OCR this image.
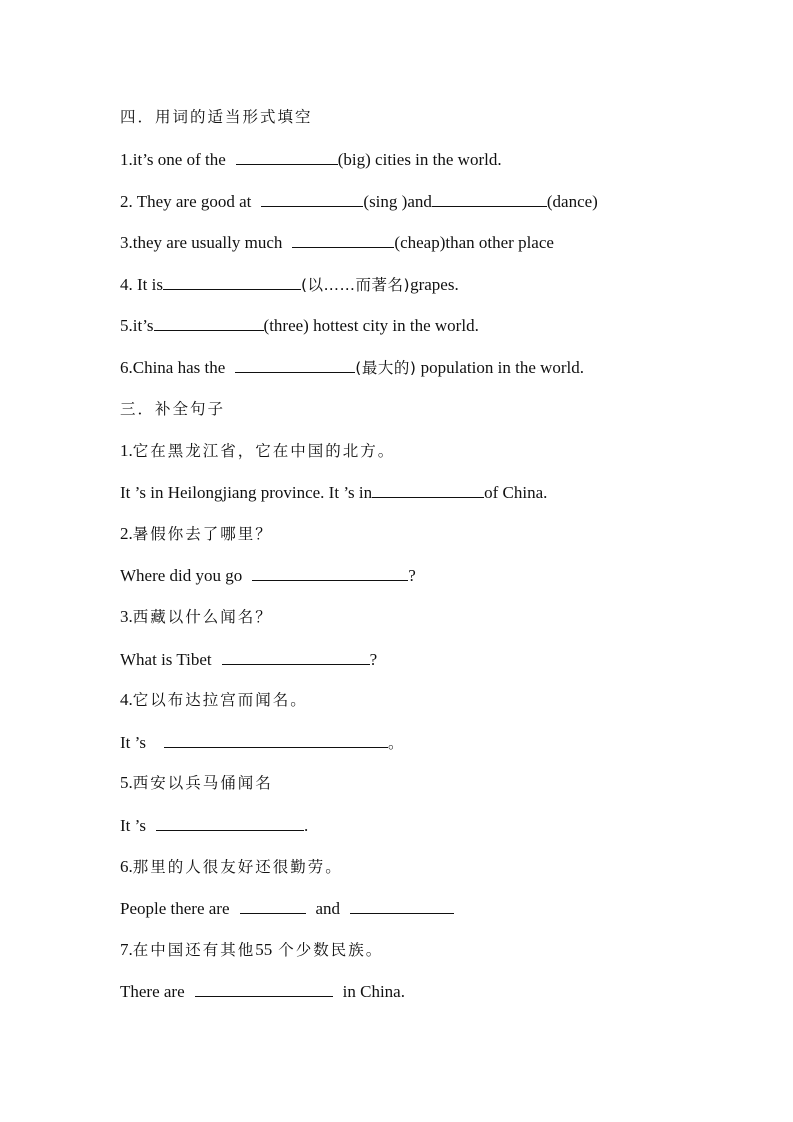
四．用词的适当形式填空
1.it’s one of the	(big) cities in the world.
2. They are good at	(sing )and	(dance)
3.they are usually much	(cheap)than other place
4. It is	(以……而著名)grapes.
5.it’s	(three) hottest city in the world.
6.China has the	(最大的) population in the world.
三．补全句子
1.它在黑龙江省，它在中国的北方。
It ’s in Heilongjiang province. It ’s in	of China.
2.暑假你去了哪里？
Where did you go	?
3.西藏以什么闻名？
What is Tibet	?
4.它以布达拉宫而闻名。
It ’s	。
5.西安以兵马俑闻名
It ’s	.
6.那里的人很友好还很勤劳。
People there are	and
7.在中国还有其他55 个少数民族。
There are	in China.
